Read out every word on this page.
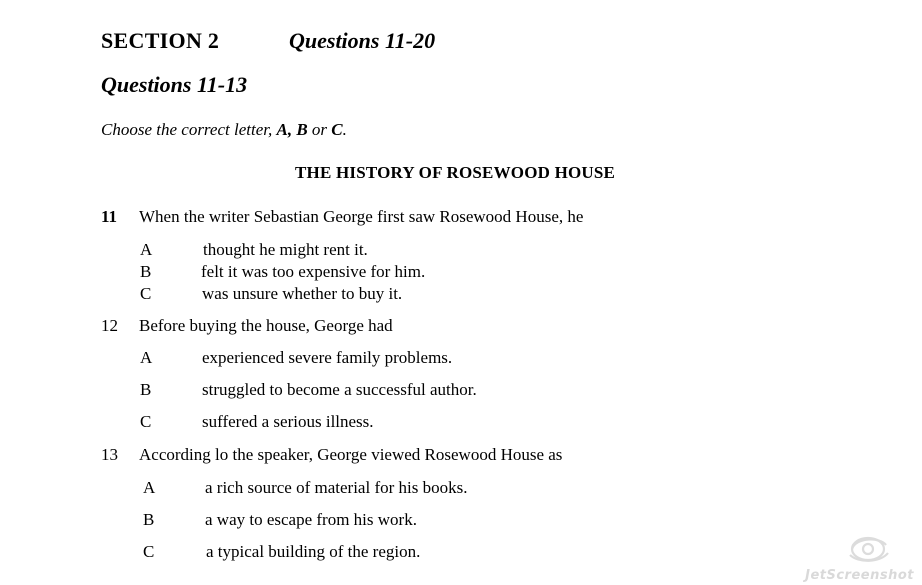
SECTION 2	Questions 11-20
Questions 11-13
Choose the correct letter, A, B or C.
THE HISTORY OF ROSEWOOD HOUSE
11 When the writer Sebastian George first saw Rosewood House, he
A	thought he might rent it.
B	felt it was too expensive for him.
C	was unsure whether to buy it.
12 Before buying the house, George had
A	experienced severe family problems.
B	struggled to become a successful author.
C	suffered a serious illness.
13 According lo the speaker, George viewed Rosewood House as
A	a rich source of material for his books.
B	a way to escape from his work.
C	a typical building of the region.
JetScreenshot
